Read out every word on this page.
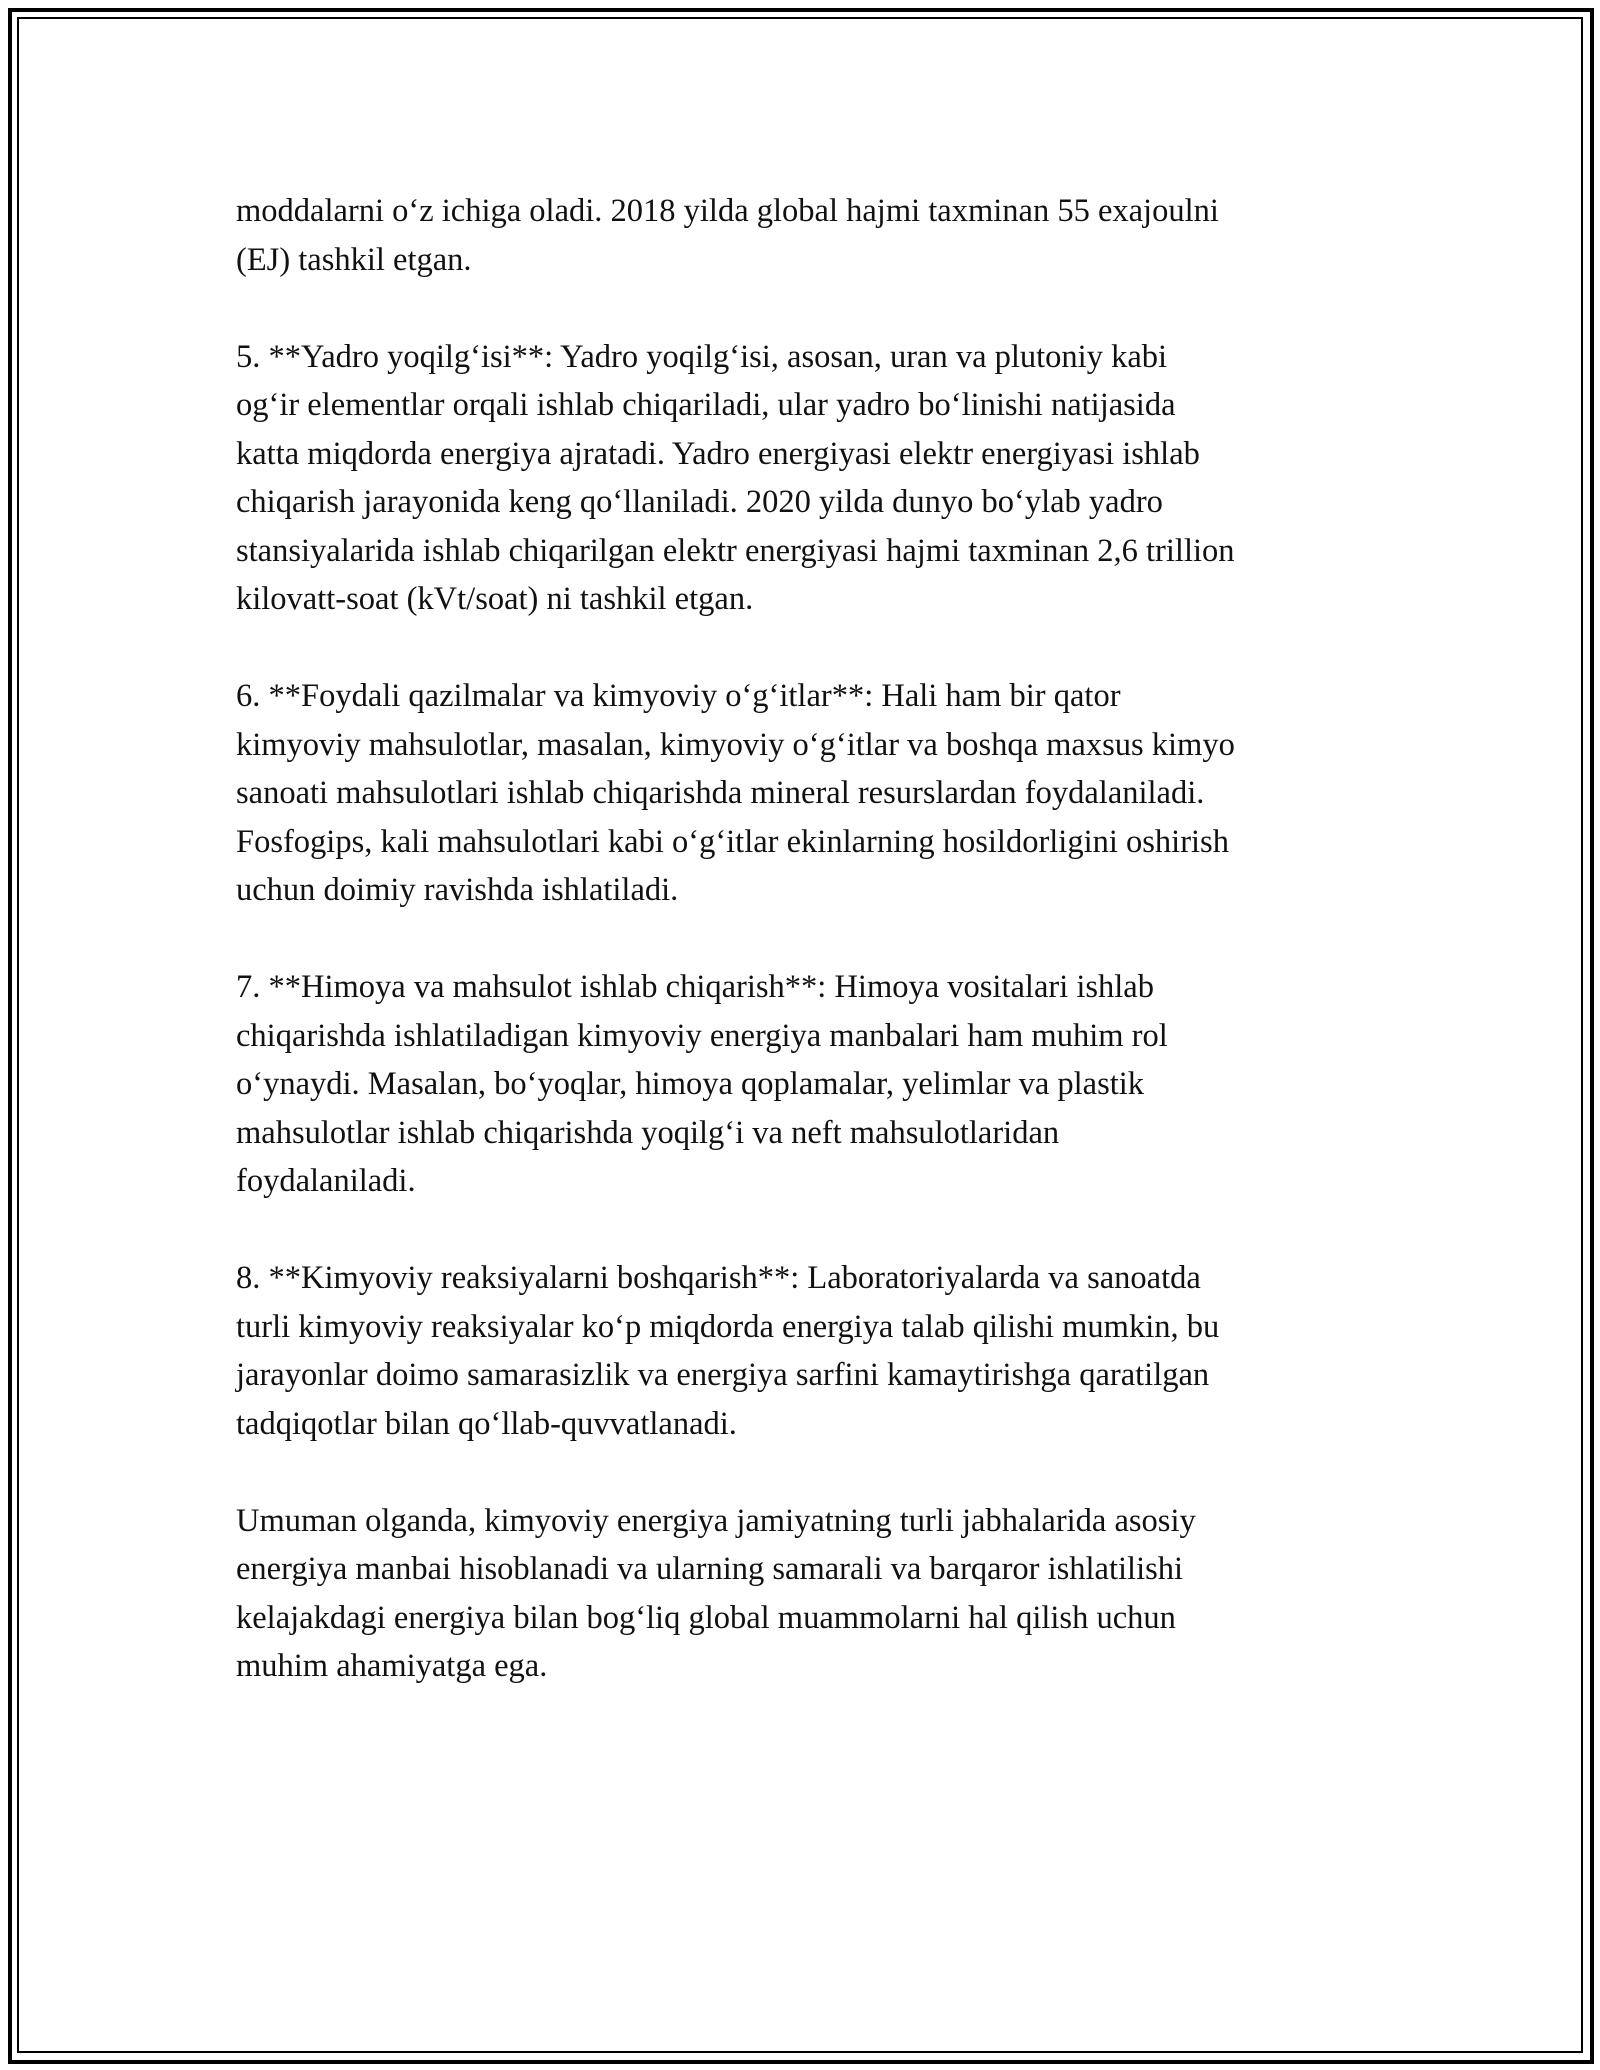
moddalarni o‘z ichiga oladi. 2018 yilda global hajmi taxminan 55 exajoulni
(EJ) tashkil etgan.

5. **Yadro yoqilg‘isi**: Yadro yoqilg‘isi, asosan, uran va plutoniy kabi
og‘ir elementlar orqali ishlab chiqariladi, ular yadro bo‘linishi natijasida
katta miqdorda energiya ajratadi. Yadro energiyasi elektr energiyasi ishlab
chiqarish jarayonida keng qo‘llaniladi. 2020 yilda dunyo bo‘ylab yadro
stansiyalarida ishlab chiqarilgan elektr energiyasi hajmi taxminan 2,6 trillion
kilovatt-soat (kVt/soat) ni tashkil etgan.

6. **Foydali qazilmalar va kimyoviy o‘g‘itlar**: Hali ham bir qator
kimyoviy mahsulotlar, masalan, kimyoviy o‘g‘itlar va boshqa maxsus kimyo
sanoati mahsulotlari ishlab chiqarishda mineral resurslardan foydalaniladi.
Fosfogips, kali mahsulotlari kabi o‘g‘itlar ekinlarning hosildorligini oshirish
uchun doimiy ravishda ishlatiladi.

7. **Himoya va mahsulot ishlab chiqarish**: Himoya vositalari ishlab
chiqarishda ishlatiladigan kimyoviy energiya manbalari ham muhim rol
o‘ynaydi. Masalan, bo‘yoqlar, himoya qoplamalar, yelimlar va plastik
mahsulotlar ishlab chiqarishda yoqilg‘i va neft mahsulotlaridan
foydalaniladi.

8. **Kimyoviy reaksiyalarni boshqarish**: Laboratoriyalarda va sanoatda
turli kimyoviy reaksiyalar ko‘p miqdorda energiya talab qilishi mumkin, bu
jarayonlar doimo samarasizlik va energiya sarfini kamaytirishga qaratilgan
tadqiqotlar bilan qo‘llab-quvvatlanadi.

Umuman olganda, kimyoviy energiya jamiyatning turli jabhalarida asosiy
energiya manbai hisoblanadi va ularning samarali va barqaror ishlatilishi
kelajakdagi energiya bilan bog‘liq global muammolarni hal qilish uchun
muhim ahamiyatga ega.
